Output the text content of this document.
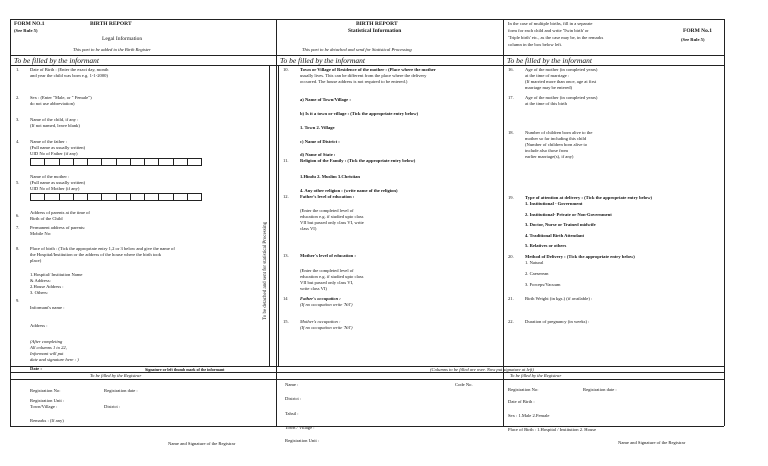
FORM NO.1
(See Rule 5)
BIRTH REPORT
Legal Information
This part to be added to the Birth Register
BIRTH REPORT
Statistical Information
This part to be detached and send for Statistical Processing
In the case of multiple births, fill in a separate
form for each child and write 'Twin birth' or
'Triple birth' etc., as the case may be, in the remarks
column in the box below left.
FORM No.1
(See Rule 5)
To be filled by the informant	To be filled by the informant	To be filled by the informant
1. Date of Birth : (Enter the exact day, month
and year the child was born e.g. 1-1-2000)
2. Sex : (Enter "Male, or " Female")
do not use abbreviation)
3. Name of the child, if any :
(If not named, leave blank)
4. Name of the father :
(Full name as usually written)
UID No of Father (if any)
5.
Name of the mother :
(Full name as usually written)
UID No of Mother (if any)
6.
Address of parents at the time of
Birth of the Child
7. Permanent address of parents:
Mobile No:
8. Place of birth : (Tick the appropriate entry 1,2 or 3 below and give the name of
the Hospital/Institution or the address of the house where the birth took
place)
1.Hospital/ Institution Name
& Address:
2.House Address :
3. Others:
9.
Informant's name :
Address :
(After completing
All columns 1 to 22,
Informant will put
date and signature here : )
Date :	Signature or left thumb mark of the informant
To be filled by the Registrar
To be detached and sent for statistical Processing
10. Town or Village of Residence of the mother : (Place where the mother
usually lives. This can be different from the place where the delivery
occurred. The house address is not required to be entered.)
a) Name of Town/Village :
b) Is it a town or village : (Tick the appropriate entry below)
1. Town 2. Village
c) Name of District :
d) Name of State :
11. Religion of the Family : (Tick the appropriate entry below)
1.Hindu 2. Muslim 3.Christian
4. Any other religion : (write name of the religion)
12. Father's level of education :
(Enter the completed level of
education e.g. if studied upto class
VII but passed only class VI, write
class VI)
13. Mother's level of education :
(Enter the completed level of
education e.g. if studied upto class
VII but passed only class VI,
write class VI)
14	Father's occupation :
(If no occupation write 'Nil')
15. Mother's occupation :
(If no occupation write 'Nil')
(Columns to be filled are over. Now put signature at left)
To be filled by the Registrar
16. Age of the mother (in completed years)
at the time of marriage :
(If married more than once, age at first
marriage may be entered)
17. Age of the mother (in completed years)
at the time of this birth
18. Number of children born alive to the
mother so far including this child
(Number of children born alive to
include also those from
earlier marriage(s), if any)
19. Type of attention at delivery : (Tick the appropriate entry below)
1. Institutional - Government
2. Institutional- Private or Non-Government
3. Doctor, Nurse or Trained midwife
4. Traditional Birth Attendant
5. Relatives or others
20. Method of Delivery : (Tick the appropriate entry below)
1. Natural
2. Caeserean
3. Forceps/Vacuum
21. Birth Weight (in kgs.) (if available) :
22. Duration of pregnancy (in weeks) :
Registration No:	Registration date :
Registration Unit :
Town/Village :	District :
Remarks : (If any)
Name and Signature of the Registrar
Name :	Code No.
District :
Tahsil :
Town / Village :
Registration Unit :
Registration No:	Registration date :
Date of Birth :
Sex : 1.Male 2.Female
Place of Birth : 1.Hospital / Institution 2. House
Name and Signature of the Registrar
